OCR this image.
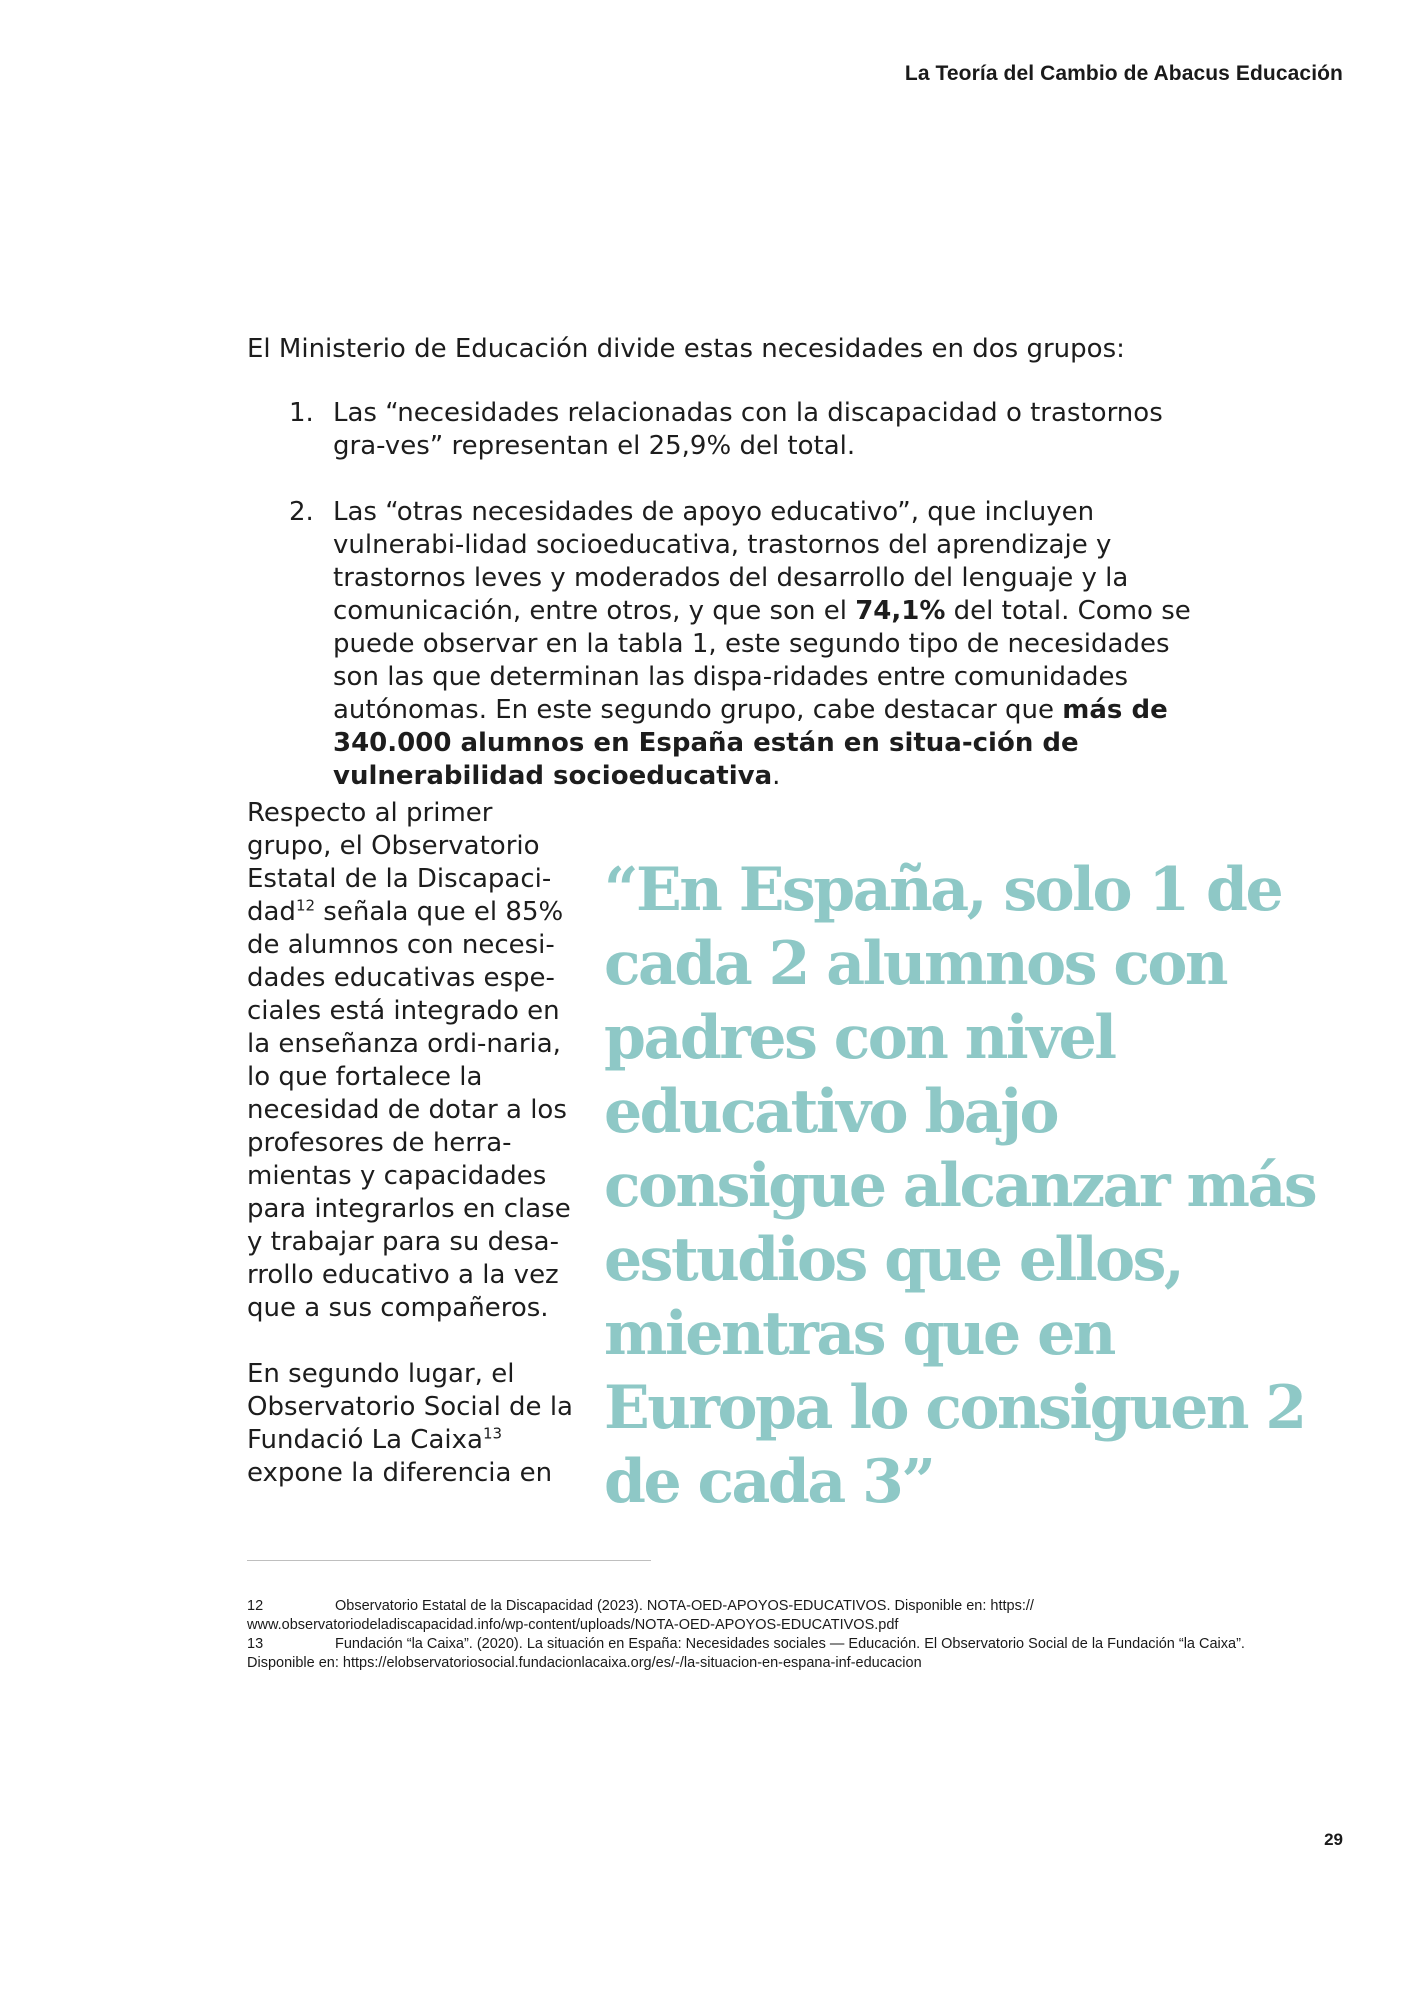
La Teoría del Cambio de Abacus Educación

El Ministerio de Educación divide estas necesidades en dos grupos:

1. Las “necesidades relacionadas con la discapacidad o trastornos gra-ves” representan el 25,9% del total.
2. Las “otras necesidades de apoyo educativo”, que incluyen vulnerabi-lidad socioeducativa, trastornos del aprendizaje y trastornos leves y moderados del desarrollo del lenguaje y la comunicación, entre otros, y que son el 74,1% del total. Como se puede observar en la tabla 1, este segundo tipo de necesidades son las que determinan las dispa-ridades entre comunidades autónomas. En este segundo grupo, cabe destacar que más de 340.000 alumnos en España están en situa-ción de vulnerabilidad socioeducativa.

Respecto al primer grupo, el Observatorio Estatal de la Discapaci-dad$^{12}$ señala que el 85% de alumnos con necesi-dades educativas espe-ciales está integrado en la enseñanza ordi-naria, lo que fortalece la necesidad de dotar a los profesores de herra-mientas y capacidades para integrarlos en clase y trabajar para su desa-rrollo educativo a la vez que a sus compañeros.

En segundo lugar, el Observatorio Social de la Fundació La Caixa$^{13}$ expone la diferencia en

“En España, solo 1 de cada 2 alumnos con padres con nivel educativo bajo consigue alcanzar más estudios que ellos, mientras que en Europa lo consiguen 2 de cada 3”

12	Observatorio Estatal de la Discapacidad (2023). NOTA-OED-APOYOS-EDUCATIVOS. Disponible en: https:// www.observatoriodeladiscapacidad.info/wp-content/uploads/NOTA-OED-APOYOS-EDUCATIVOS.pdf

13	Fundación “la Caixa”. (2020). La situación en España: Necesidades sociales — Educación. El Observatorio Social de la Fundación “la Caixa”. Disponible en: https://elobservatoriosocial.fundacionlacaixa.org/es/-/la-situacion-en-espana-inf-educacion

29
